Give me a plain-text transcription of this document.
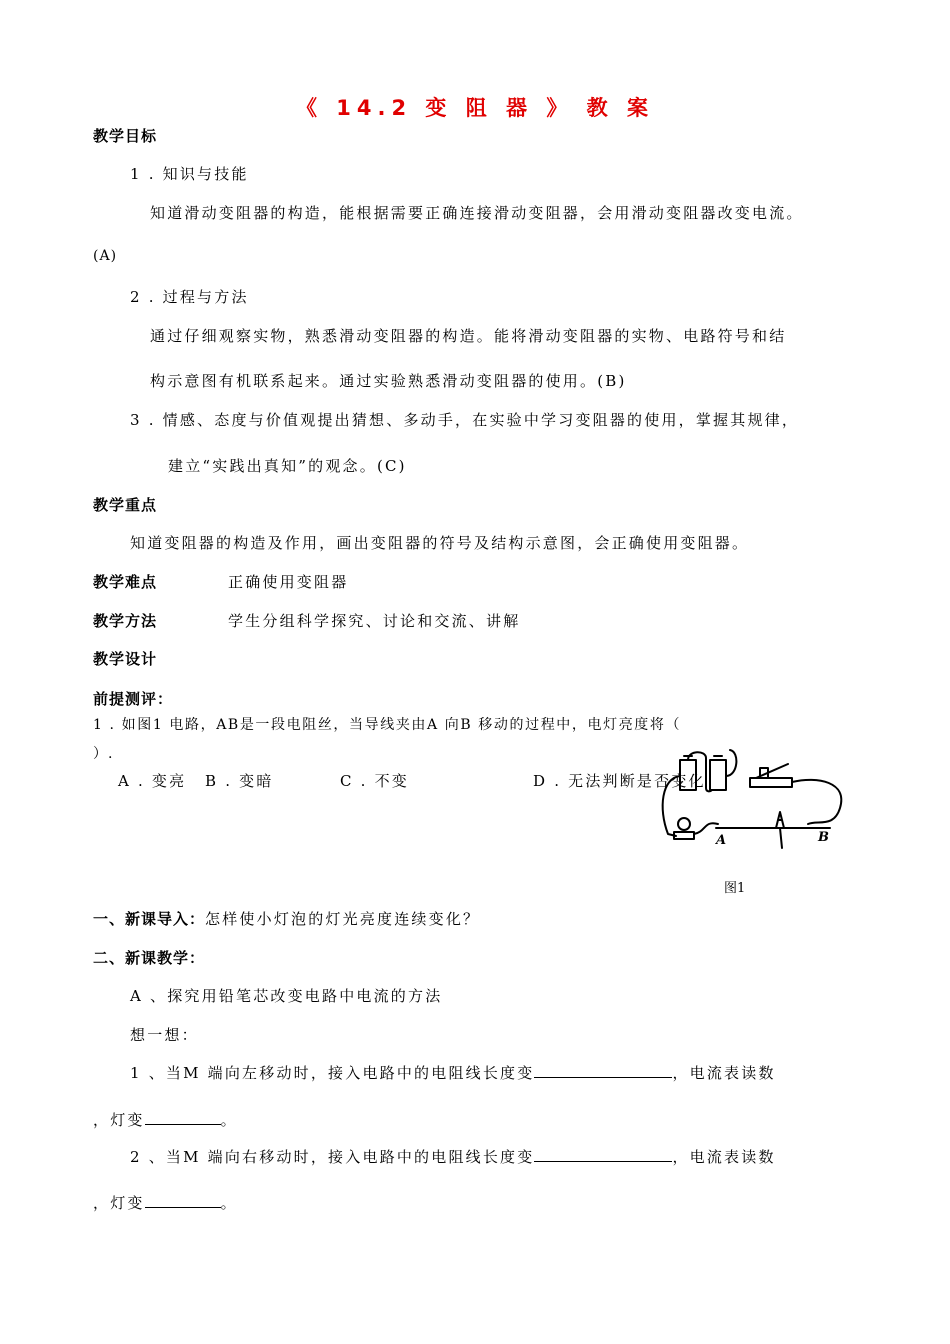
《 14.2 变 阻 器 》 教 案
教学目标
1 . 知识与技能
知道滑动变阻器的构造，能根据需要正确连接滑动变阻器，会用滑动变阻器改变电流。
(A)
2 . 过程与方法
通过仔细观察实物，熟悉滑动变阻器的构造。能将滑动变阻器的实物、电路符号和结
构示意图有机联系起来。通过实验熟悉滑动变阻器的使用。(B)
3 . 情感、态度与价值观提出猜想、多动手，在实验中学习变阻器的使用，掌握其规律，
建立“实践出真知”的观念。(C)
教学重点
知道变阻器的构造及作用，画出变阻器的符号及结构示意图，会正确使用变阻器。
教学难点	正确使用变阻器
教学方法	学生分组科学探究、讨论和交流、讲解
教学设计
前提测评：
1 . 如图1 电路，AB是一段电阻丝，当导线夹由A 向B 移动的过程中，电灯亮度将（
）.
A . 变亮 B . 变暗	C . 不变	D . 无法判断是否变化
A	B
图1
一、新课导入：怎样使小灯泡的灯光亮度连续变化？
二、新课教学：
A 、探究用铅笔芯改变电路中电流的方法
想一想：
1 、当M 端向左移动时，接入电路中的电阻线长度变	，电流表读数
，灯变	。
2 、当M 端向右移动时，接入电路中的电阻线长度变	，电流表读数
，灯变	。
